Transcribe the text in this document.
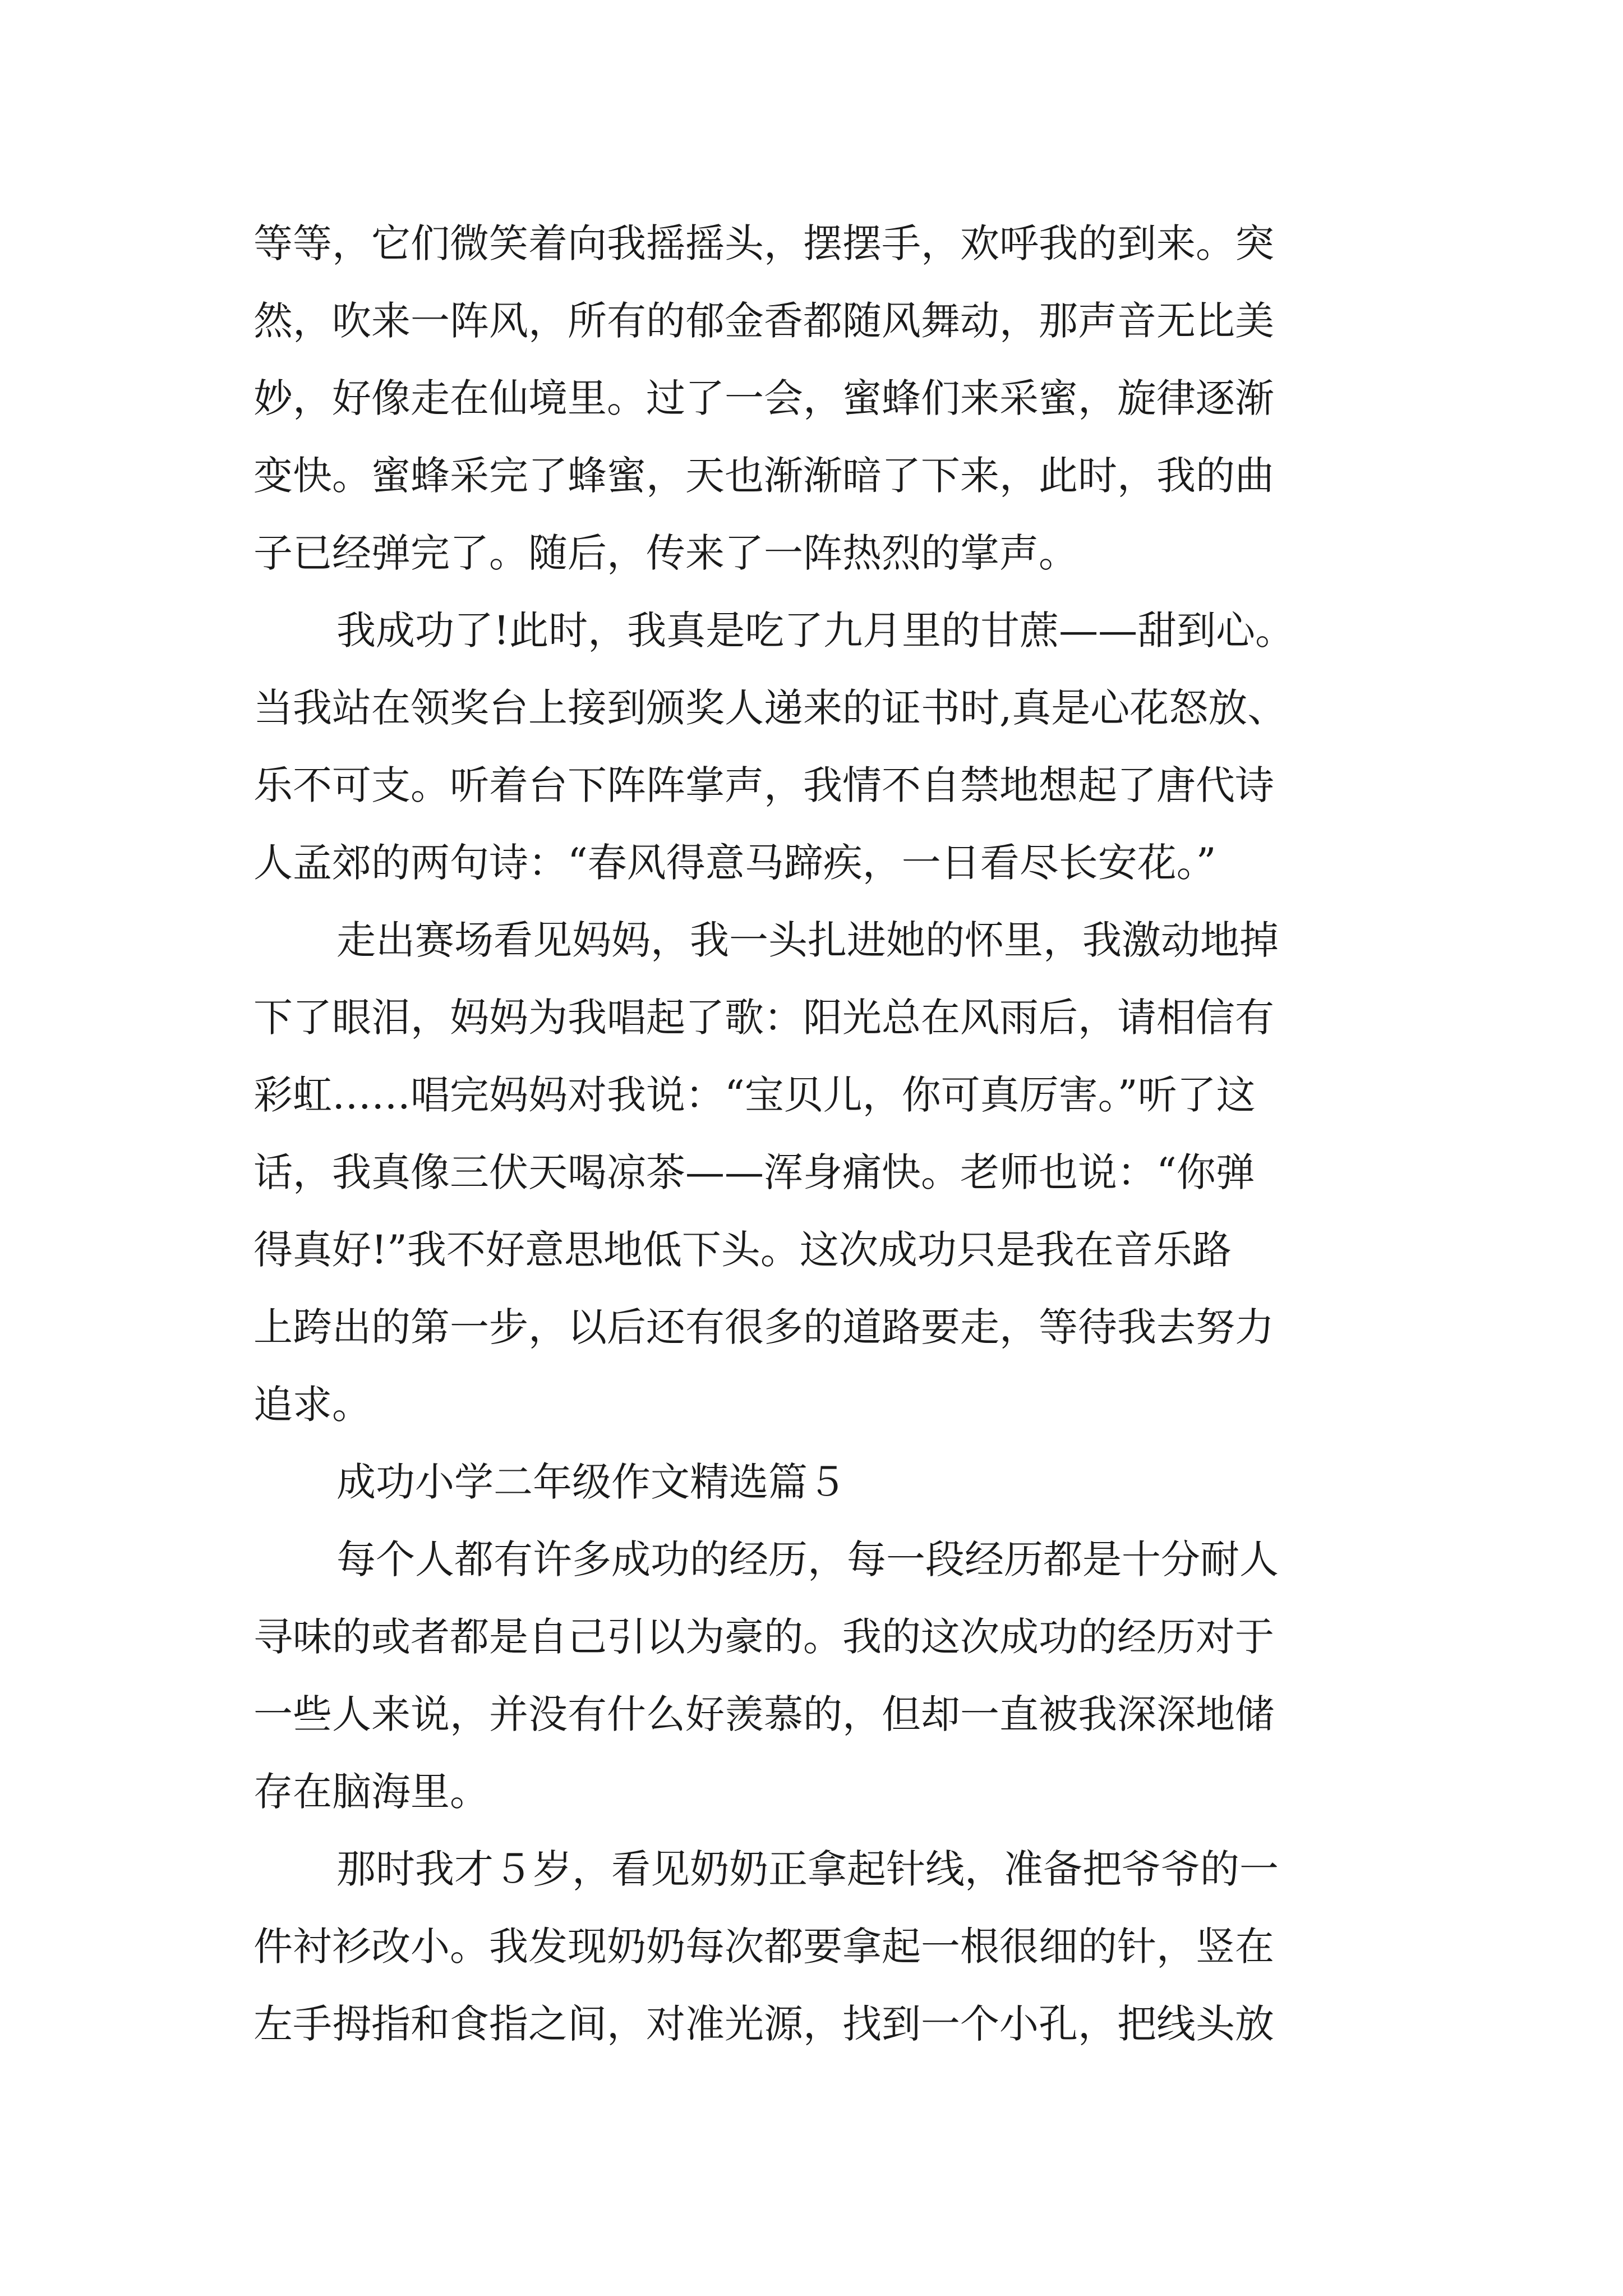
等等，它们微笑着向我摇摇头，摆摆手，欢呼我的到来。突
然，吹来一阵风，所有的郁金香都随风舞动，那声音无比美
妙，好像走在仙境里。过了一会，蜜蜂们来采蜜，旋律逐渐
变快。蜜蜂采完了蜂蜜，天也渐渐暗了下来，此时，我的曲
子已经弹完了。随后，传来了一阵热烈的掌声。
我成功了!此时，我真是吃了九月里的甘蔗——甜到心。
当我站在领奖台上接到颁奖人递来的证书时,真是心花怒放、
乐不可支。听着台下阵阵掌声，我情不自禁地想起了唐代诗
人孟郊的两句诗：“春风得意马蹄疾，一日看尽长安花。”
走出赛场看见妈妈，我一头扎进她的怀里，我激动地掉
下了眼泪，妈妈为我唱起了歌：阳光总在风雨后，请相信有
彩虹……唱完妈妈对我说：“宝贝儿，你可真厉害。”听了这
话，我真像三伏天喝凉茶——浑身痛快。老师也说：“你弹
得真好!”我不好意思地低下头。这次成功只是我在音乐路
上跨出的第一步，以后还有很多的道路要走，等待我去努力
追求。
成功小学二年级作文精选篇５
每个人都有许多成功的经历，每一段经历都是十分耐人
寻味的或者都是自己引以为豪的。我的这次成功的经历对于
一些人来说，并没有什么好羡慕的，但却一直被我深深地储
存在脑海里。
那时我才５岁，看见奶奶正拿起针线，准备把爷爷的一
件衬衫改小。我发现奶奶每次都要拿起一根很细的针，竖在
左手拇指和食指之间，对准光源，找到一个小孔，把线头放
